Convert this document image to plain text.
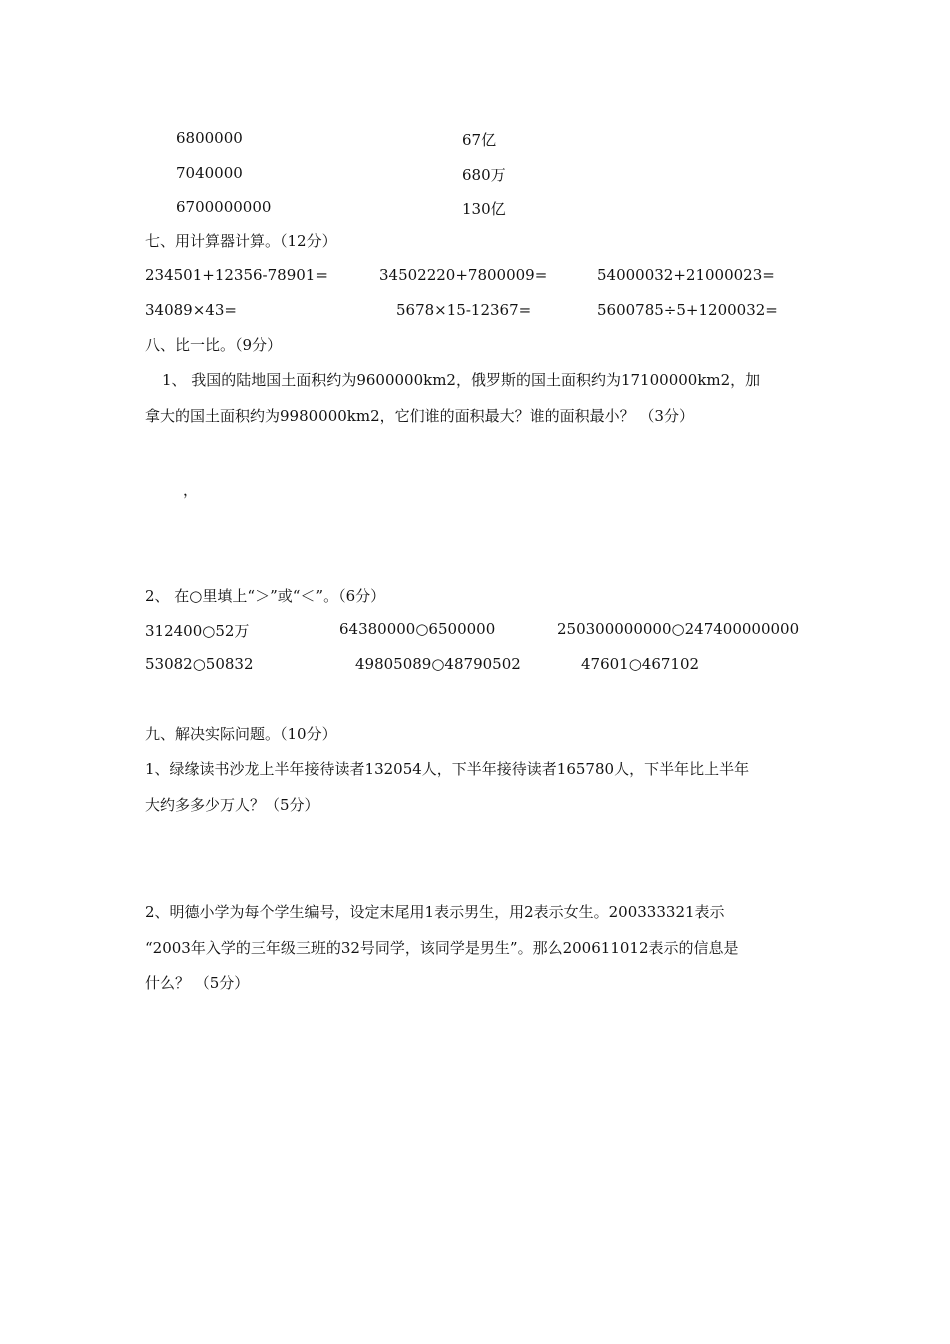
6800000	67亿
7040000	680万
6700000000	130亿
七、用计算器计算。（12分）
234501+12356-78901=	34502220+7800009=	54000032+21000023=
34089×43=	5678×15-12367=	5600785÷5+1200032=
八、比一比。（9分）
1、 我国的陆地国土面积约为9600000km2，俄罗斯的国土面积约为17100000km2，加
拿大的国土面积约为9980000km2，它们谁的面积最大？谁的面积最小？ （3分）
，
2、 在○里填上“＞”或“＜”。（6分）
312400○52万	64380000○6500000	250300000000○247400000000
53082○50832	49805089○48790502	47601○467102
九、解决实际问题。（10分）
1、绿缘读书沙龙上半年接待读者132054人，下半年接待读者165780人，下半年比上半年
大约多多少万人？（5分）
2、明德小学为每个学生编号，设定末尾用1表示男生，用2表示女生。200333321表示
“2003年入学的三年级三班的32号同学，该同学是男生”。那么200611012表示的信息是
什么？ （5分）
